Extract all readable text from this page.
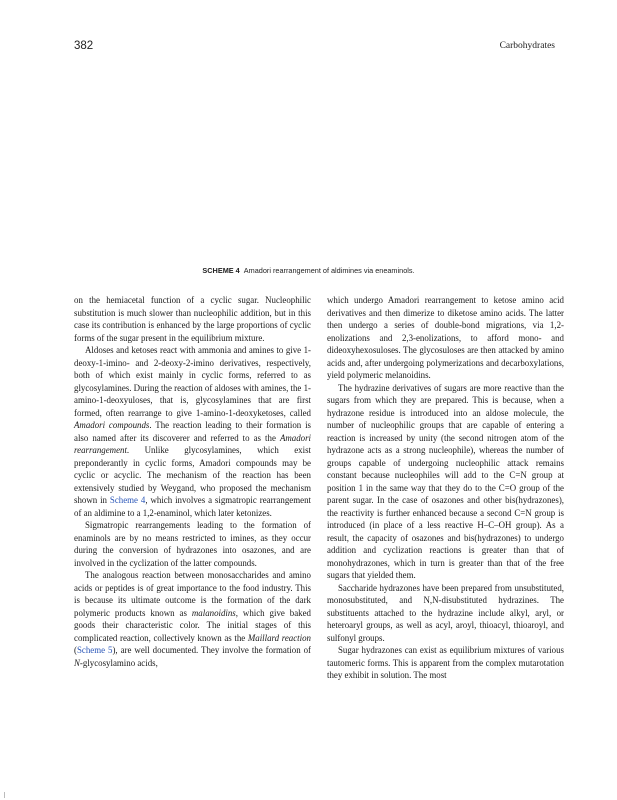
382	Carbohydrates
SCHEME 4 Amadori rearrangement of aldimines via eneaminols.

on the hemiacetal function of a cyclic sugar. Nucleophilic substitution is much slower than nucleophilic addition, but in this case its contribution is enhanced by the large proportions of cyclic forms of the sugar present in the equilibrium mixture.

Aldoses and ketoses react with ammonia and amines to give 1-deoxy-1-imino- and 2-deoxy-2-imino derivatives, respectively, both of which exist mainly in cyclic forms, referred to as glycosylamines. During the reaction of aldoses with amines, the 1-amino-1-deoxyuloses, that is, glycosylamines that are first formed, often rearrange to give 1-amino-1-deoxyketoses, called Amadori compounds. The reaction leading to their formation is also named after its discoverer and referred to as the Amadori rearrangement. Unlike glycosylamines, which exist preponderantly in cyclic forms, Amadori compounds may be cyclic or acyclic. The mechanism of the reaction has been extensively studied by Weygand, who proposed the mechanism shown in Scheme 4, which involves a sigmatropic rearrangement of an aldimine to a 1,2-enaminol, which later ketonizes.

Sigmatropic rearrangements leading to the formation of enaminols are by no means restricted to imines, as they occur during the conversion of hydrazones into osazones, and are involved in the cyclization of the latter compounds.

The analogous reaction between monosaccharides and amino acids or peptides is of great importance to the food industry. This is because its ultimate outcome is the formation of the dark polymeric products known as malanoidins, which give baked goods their characteristic color. The initial stages of this complicated reaction, collectively known as the Maillard reaction (Scheme 5), are well documented. They involve the formation of N-glycosylamino acids,

which undergo Amadori rearrangement to ketose amino acid derivatives and then dimerize to diketose amino acids. The latter then undergo a series of double-bond migrations, via 1,2-enolizations and 2,3-enolizations, to afford mono- and dideoxyhexosuloses. The glycosuloses are then attacked by amino acids and, after undergoing polymerizations and decarboxylations, yield polymeric melanoidins.

The hydrazine derivatives of sugars are more reactive than the sugars from which they are prepared. This is because, when a hydrazone residue is introduced into an aldose molecule, the number of nucleophilic groups that are capable of entering a reaction is increased by unity (the second nitrogen atom of the hydrazone acts as a strong nucleophile), whereas the number of groups capable of undergoing nucleophilic attack remains constant because nucleophiles will add to the C=N group at position 1 in the same way that they do to the C=O group of the parent sugar. In the case of osazones and other bis(hydrazones), the reactivity is further enhanced because a second C=N group is introduced (in place of a less reactive H–C–OH group). As a result, the capacity of osazones and bis(hydrazones) to undergo addition and cyclization reactions is greater than that of monohydrazones, which in turn is greater than that of the free sugars that yielded them.

Saccharide hydrazones have been prepared from unsubstituted, monosubstituted, and N,N-disubstituted hydrazines. The substituents attached to the hydrazine include alkyl, aryl, or heteroaryl groups, as well as acyl, aroyl, thioacyl, thioaroyl, and sulfonyl groups.

Sugar hydrazones can exist as equilibrium mixtures of various tautomeric forms. This is apparent from the complex mutarotation they exhibit in solution. The most
